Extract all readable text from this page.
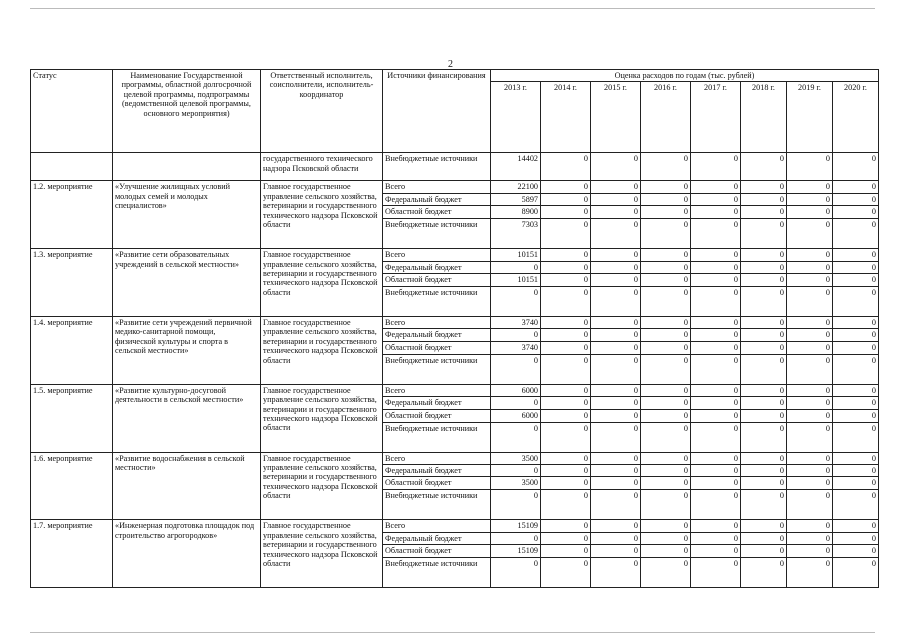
2
Статус	Наименование Государственной программы, областной долгосрочной целевой программы, подпрограммы (ведомственной целевой программы, основного мероприятия)	Ответственный исполнитель, соисполнители, исполнитель-координатор	Источники финансирования	Оценка расходов по годам (тыс. рублей)							
				2013 г.	2014 г.	2015 г.	2016 г.	2017 г.	2018 г.	2019 г.	2020 г.
		государственного технического надзора Псковской области	Внебюджетные источники	14402	0	0	0	0	0	0	0
1.2. мероприятие	«Улучшение жилищных условий молодых семей и молодых специалистов»	Главное государственное управление сельского хозяйства, ветеринарии и государственного технического надзора Псковской области	Всего	22100	0	0	0	0	0	0	0
			Федеральный бюджет	5897	0	0	0	0	0	0	0
			Областной бюджет	8900	0	0	0	0	0	0	0
			Внебюджетные источники	7303	0	0	0	0	0	0	0
1.3. мероприятие	«Развитие сети образовательных учреждений в сельской местности»	Главное государственное управление сельского хозяйства, ветеринарии и государственного технического надзора Псковской области	Всего	10151	0	0	0	0	0	0	0
			Федеральный бюджет	0	0	0	0	0	0	0	0
			Областной бюджет	10151	0	0	0	0	0	0	0
			Внебюджетные источники	0	0	0	0	0	0	0	0
1.4. мероприятие	«Развитие сети учреждений первичной медико-санитарной помощи, физической культуры и спорта в сельской местности»	Главное государственное управление сельского хозяйства, ветеринарии и государственного технического надзора Псковской области	Всего	3740	0	0	0	0	0	0	0
			Федеральный бюджет	0	0	0	0	0	0	0	0
			Областной бюджет	3740	0	0	0	0	0	0	0
			Внебюджетные источники	0	0	0	0	0	0	0	0
1.5. мероприятие	«Развитие культурно-досуговой деятельности в сельской местности»	Главное государственное управление сельского хозяйства, ветеринарии и государственного технического надзора Псковской области	Всего	6000	0	0	0	0	0	0	0
			Федеральный бюджет	0	0	0	0	0	0	0	0
			Областной бюджет	6000	0	0	0	0	0	0	0
			Внебюджетные источники	0	0	0	0	0	0	0	0
1.6. мероприятие	«Развитие водоснабжения в сельской местности»	Главное государственное управление сельского хозяйства, ветеринарии и государственного технического надзора Псковской области	Всего	3500	0	0	0	0	0	0	0
			Федеральный бюджет	0	0	0	0	0	0	0	0
			Областной бюджет	3500	0	0	0	0	0	0	0
			Внебюджетные источники	0	0	0	0	0	0	0	0
1.7. мероприятие	«Инженерная подготовка площадок под строительство агрогородков»	Главное государственное управление сельского хозяйства, ветеринарии и государственного технического надзора Псковской области	Всего	15109	0	0	0	0	0	0	0
			Федеральный бюджет	0	0	0	0	0	0	0	0
			Областной бюджет	15109	0	0	0	0	0	0	0
			Внебюджетные источники	0	0	0	0	0	0	0	0
